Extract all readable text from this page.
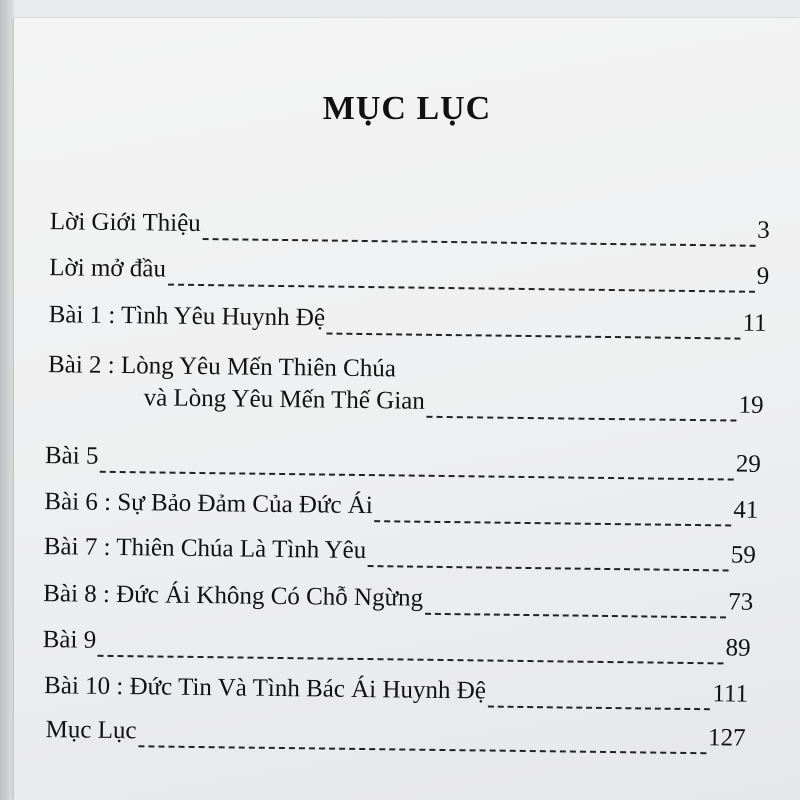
MỤC LỤC
Lời Giới Thiệu	3
Lời mở đầu	9
Bài 1 : Tình Yêu Huynh Đệ	11
Bài 2 : Lòng Yêu Mến Thiên Chúa
và Lòng Yêu Mến Thế Gian	19
Bài 5	29
Bài 6 : Sự Bảo Đảm Của Đức Ái	41
Bài 7 : Thiên Chúa Là Tình Yêu	59
Bài 8 : Đức Ái Không Có Chỗ Ngừng	73
Bài 9	89
Bài 10 : Đức Tin Và Tình Bác Ái Huynh Đệ	111
Mục Lục	127
